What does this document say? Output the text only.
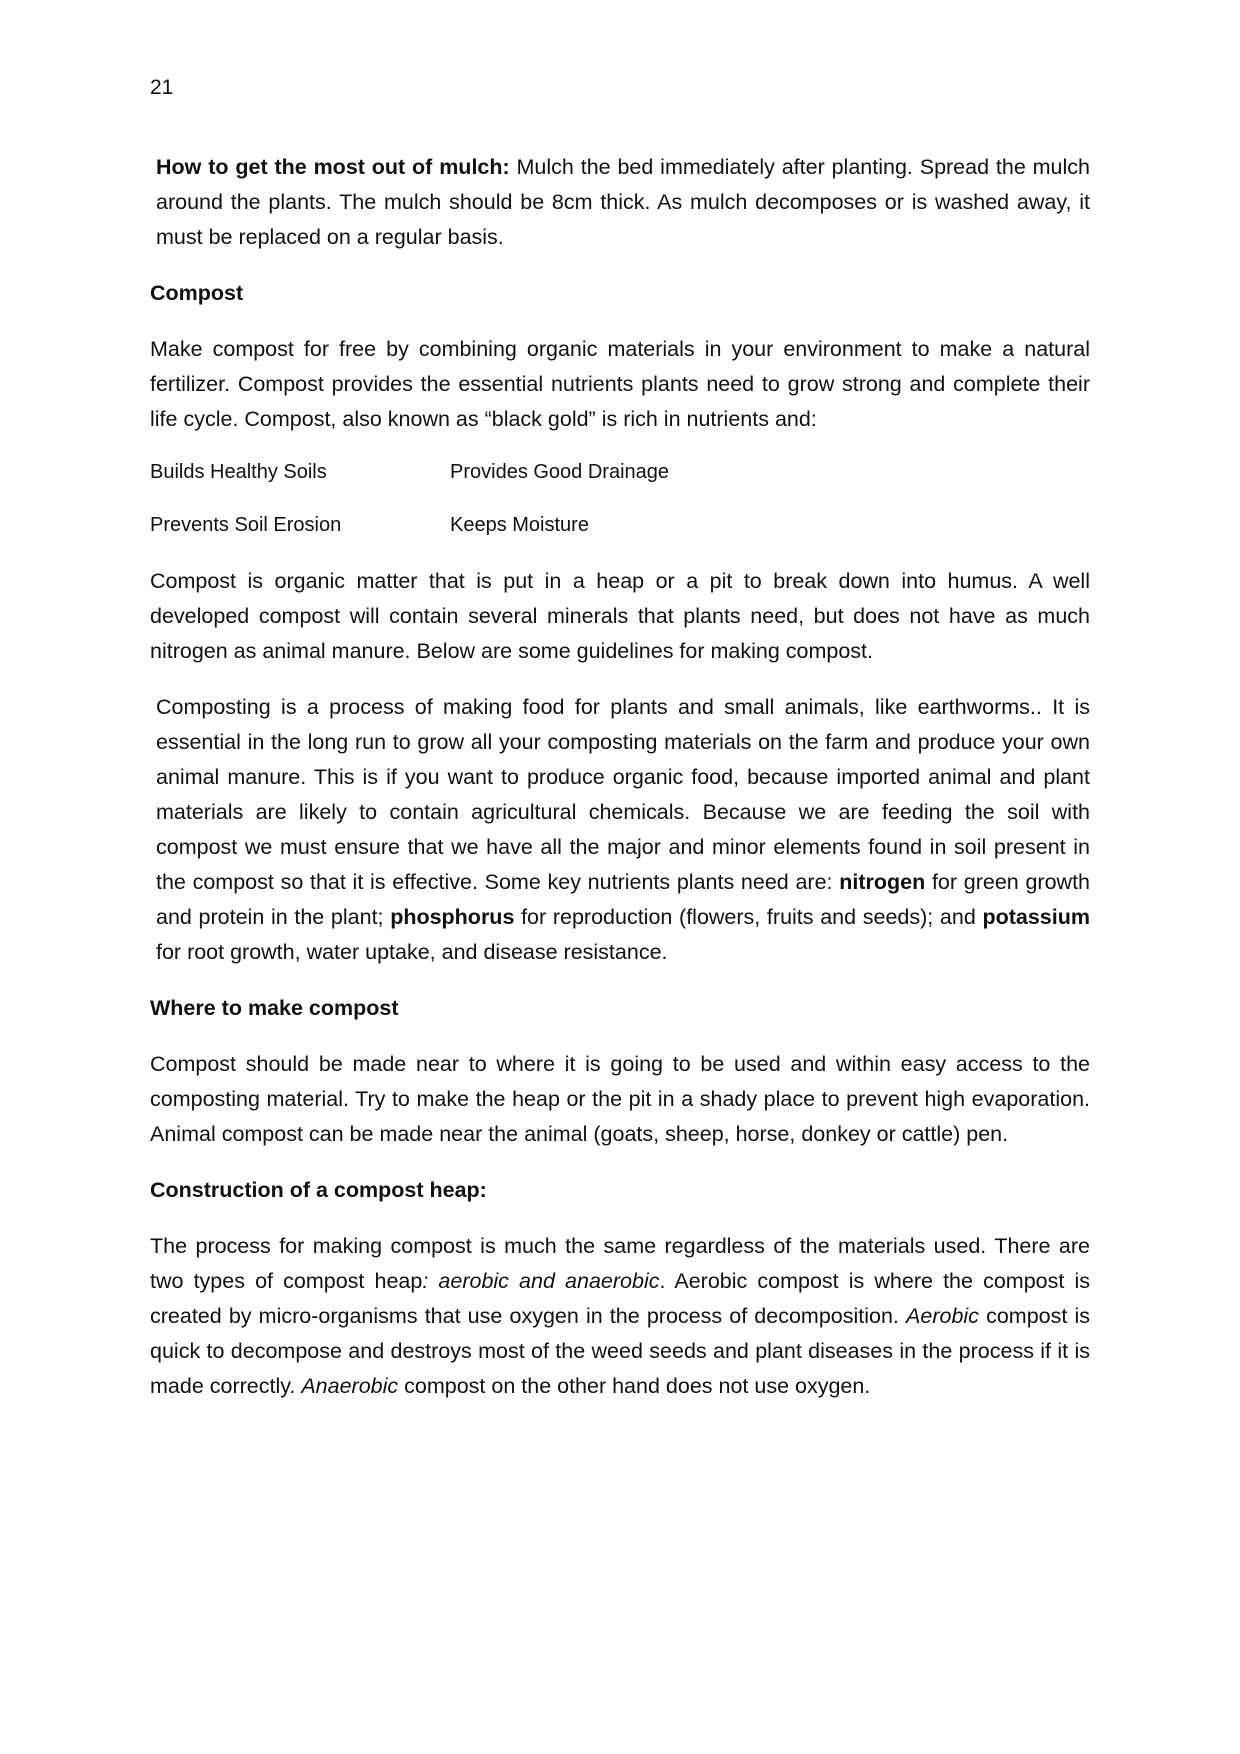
21

How to get the most out of mulch: Mulch the bed immediately after planting. Spread the mulch around the plants. The mulch should be 8cm thick. As mulch decomposes or is washed away, it must be replaced on a regular basis.

Compost

Make compost for free by combining organic materials in your environment to make a natural fertilizer. Compost provides the essential nutrients plants need to grow strong and complete their life cycle. Compost, also known as “black gold” is rich in nutrients and:

Builds Healthy Soils	Provides Good Drainage
Prevents Soil Erosion	Keeps Moisture

Compost is organic matter that is put in a heap or a pit to break down into humus. A well developed compost will contain several minerals that plants need, but does not have as much nitrogen as animal manure. Below are some guidelines for making compost.

Composting is a process of making food for plants and small animals, like earthworms.. It is essential in the long run to grow all your composting materials on the farm and produce your own animal manure. This is if you want to produce organic food, because imported animal and plant materials are likely to contain agricultural chemicals. Because we are feeding the soil with compost we must ensure that we have all the major and minor elements found in soil present in the compost so that it is effective. Some key nutrients plants need are: nitrogen for green growth and protein in the plant; phosphorus for reproduction (flowers, fruits and seeds); and potassium for root growth, water uptake, and disease resistance.

Where to make compost

Compost should be made near to where it is going to be used and within easy access to the composting material. Try to make the heap or the pit in a shady place to prevent high evaporation. Animal compost can be made near the animal (goats, sheep, horse, donkey or cattle) pen.

Construction of a compost heap:

The process for making compost is much the same regardless of the materials used. There are two types of compost heap: aerobic and anaerobic. Aerobic compost is where the compost is created by micro-organisms that use oxygen in the process of decomposition. Aerobic compost is quick to decompose and destroys most of the weed seeds and plant diseases in the process if it is made correctly. Anaerobic compost on the other hand does not use oxygen.
